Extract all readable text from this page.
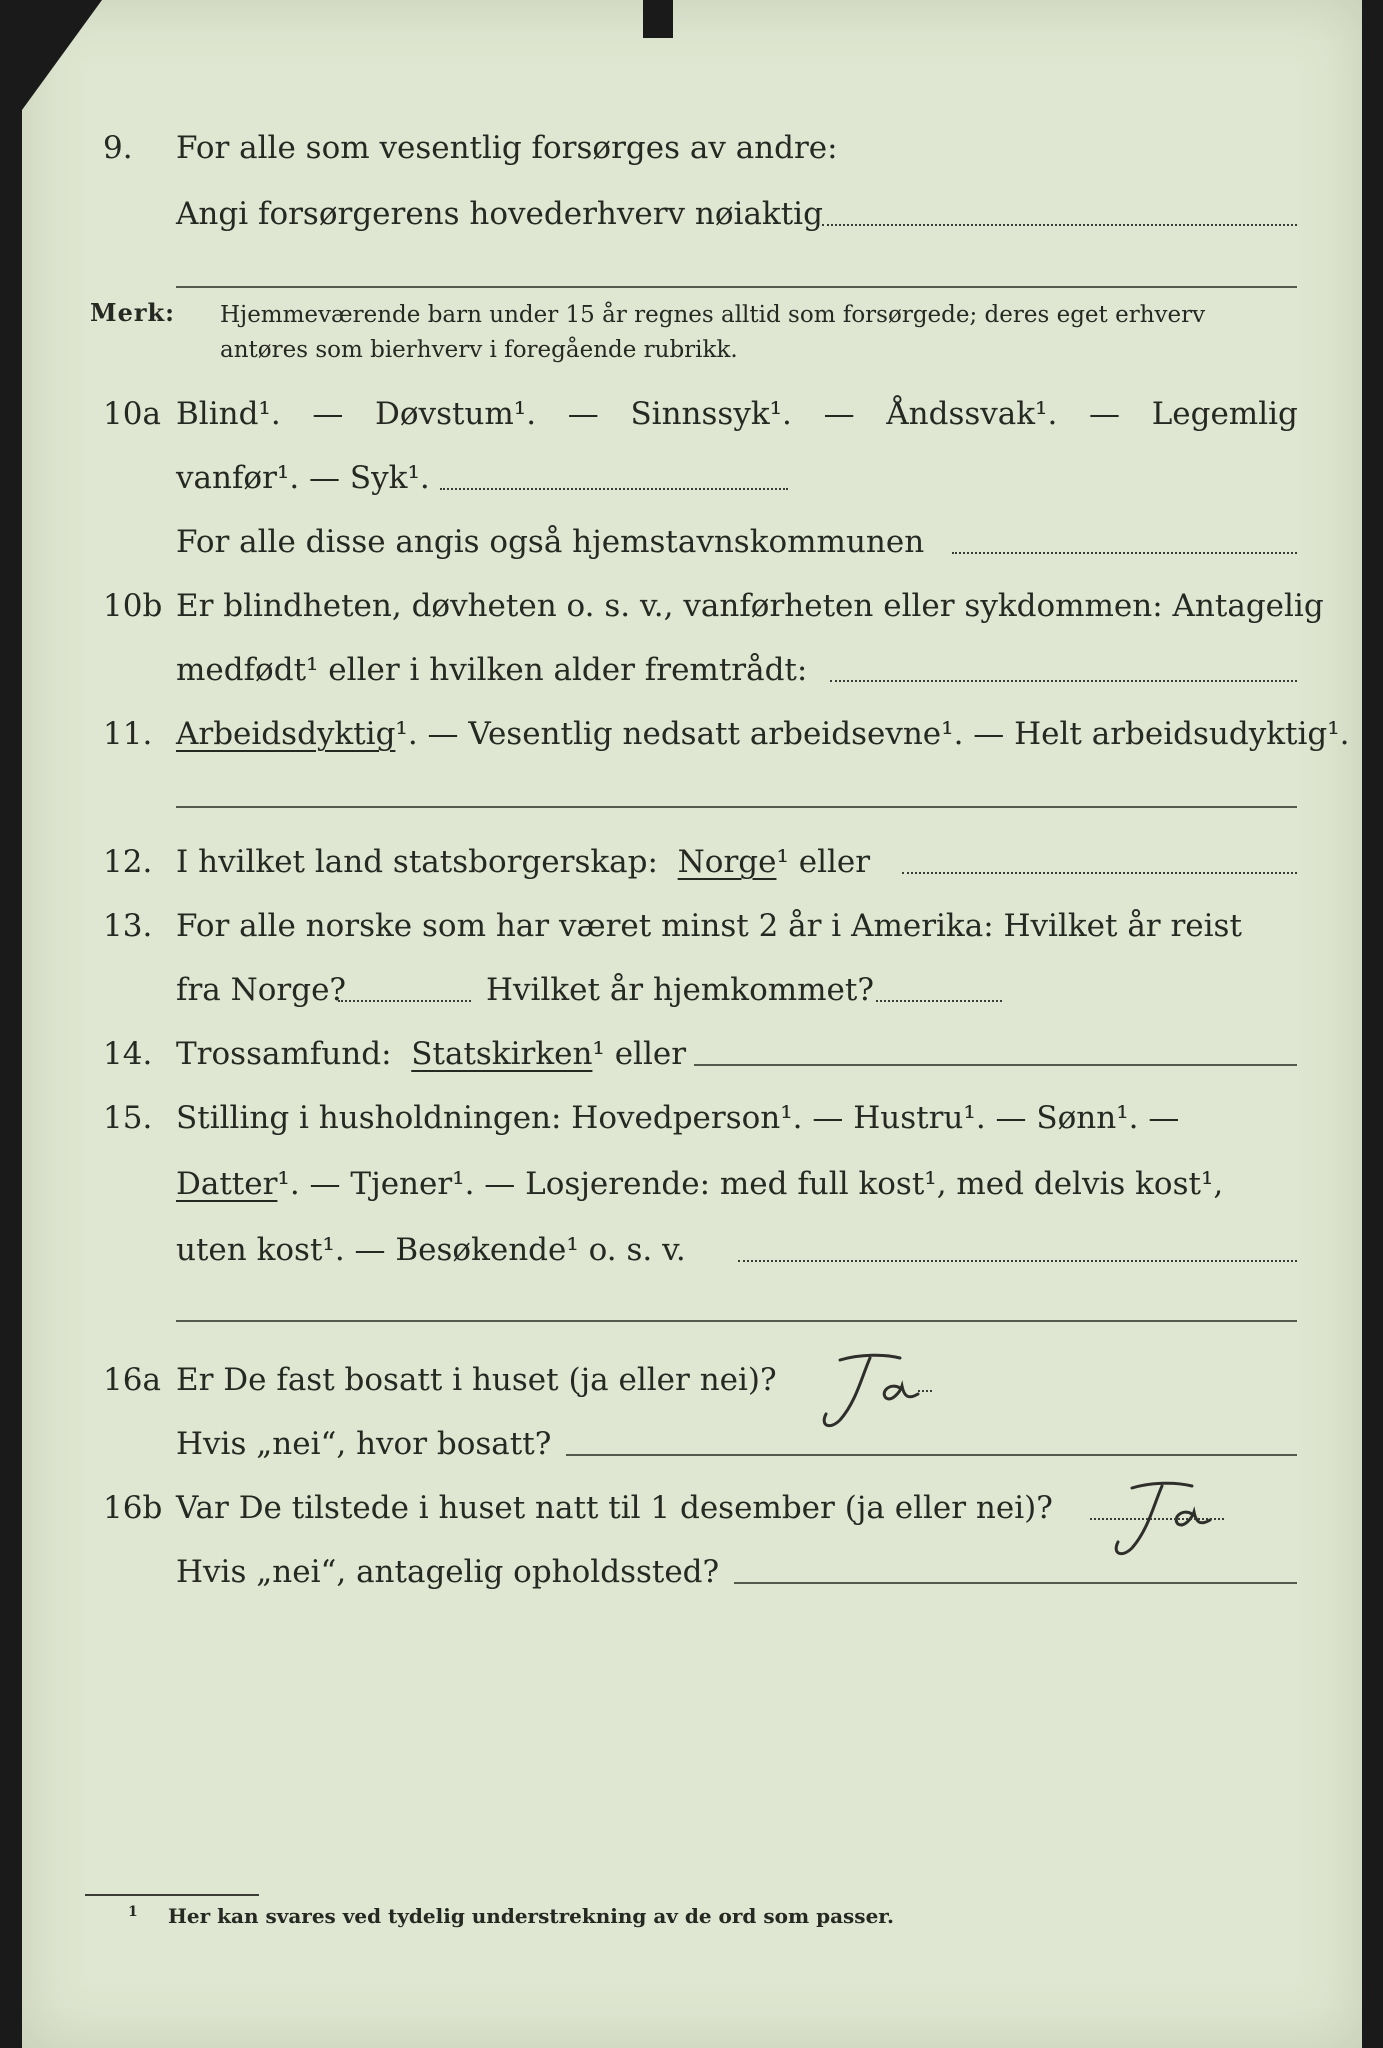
9. For alle som vesentlig forsørges av andre:
Angi forsørgerens hovederhverv nøiaktig
Merk: Hjemmeværende barn under 15 år regnes alltid som forsørgede; deres eget erhverv
antøres som bierhverv i foregående rubrikk.
10a Blind¹. — Døvstum¹. — Sinnssyk¹. — Åndssvak¹. — Legemlig
vanfør¹. — Syk¹.
For alle disse angis også hjemstavnskommunen
10b Er blindheten, døvheten o. s. v., vanførheten eller sykdommen: Antagelig
medfødt¹ eller i hvilken alder fremtrådt:
11. Arbeidsdyktig¹. — Vesentlig nedsatt arbeidsevne¹. — Helt arbeidsudyktig¹.
12. I hvilket land statsborgerskap: Norge¹ eller
13. For alle norske som har været minst 2 år i Amerika: Hvilket år reist
fra Norge?	Hvilket år hjemkommet?
14. Trossamfund: Statskirken¹ eller
15. Stilling i husholdningen: Hovedperson¹. — Hustru¹. — Sønn¹. —
Datter¹. — Tjener¹. — Losjerende: med full kost¹, med delvis kost¹,
uten kost¹. — Besøkende¹ o. s. v.
16a Er De fast bosatt i huset (ja eller nei)?
Ja
Hvis „nei“, hvor bosatt?
16b Var De tilstede i huset natt til 1 desember (ja eller nei)?
Ja
Hvis „nei“, antagelig opholdssted?
1 Her kan svares ved tydelig understrekning av de ord som passer.
